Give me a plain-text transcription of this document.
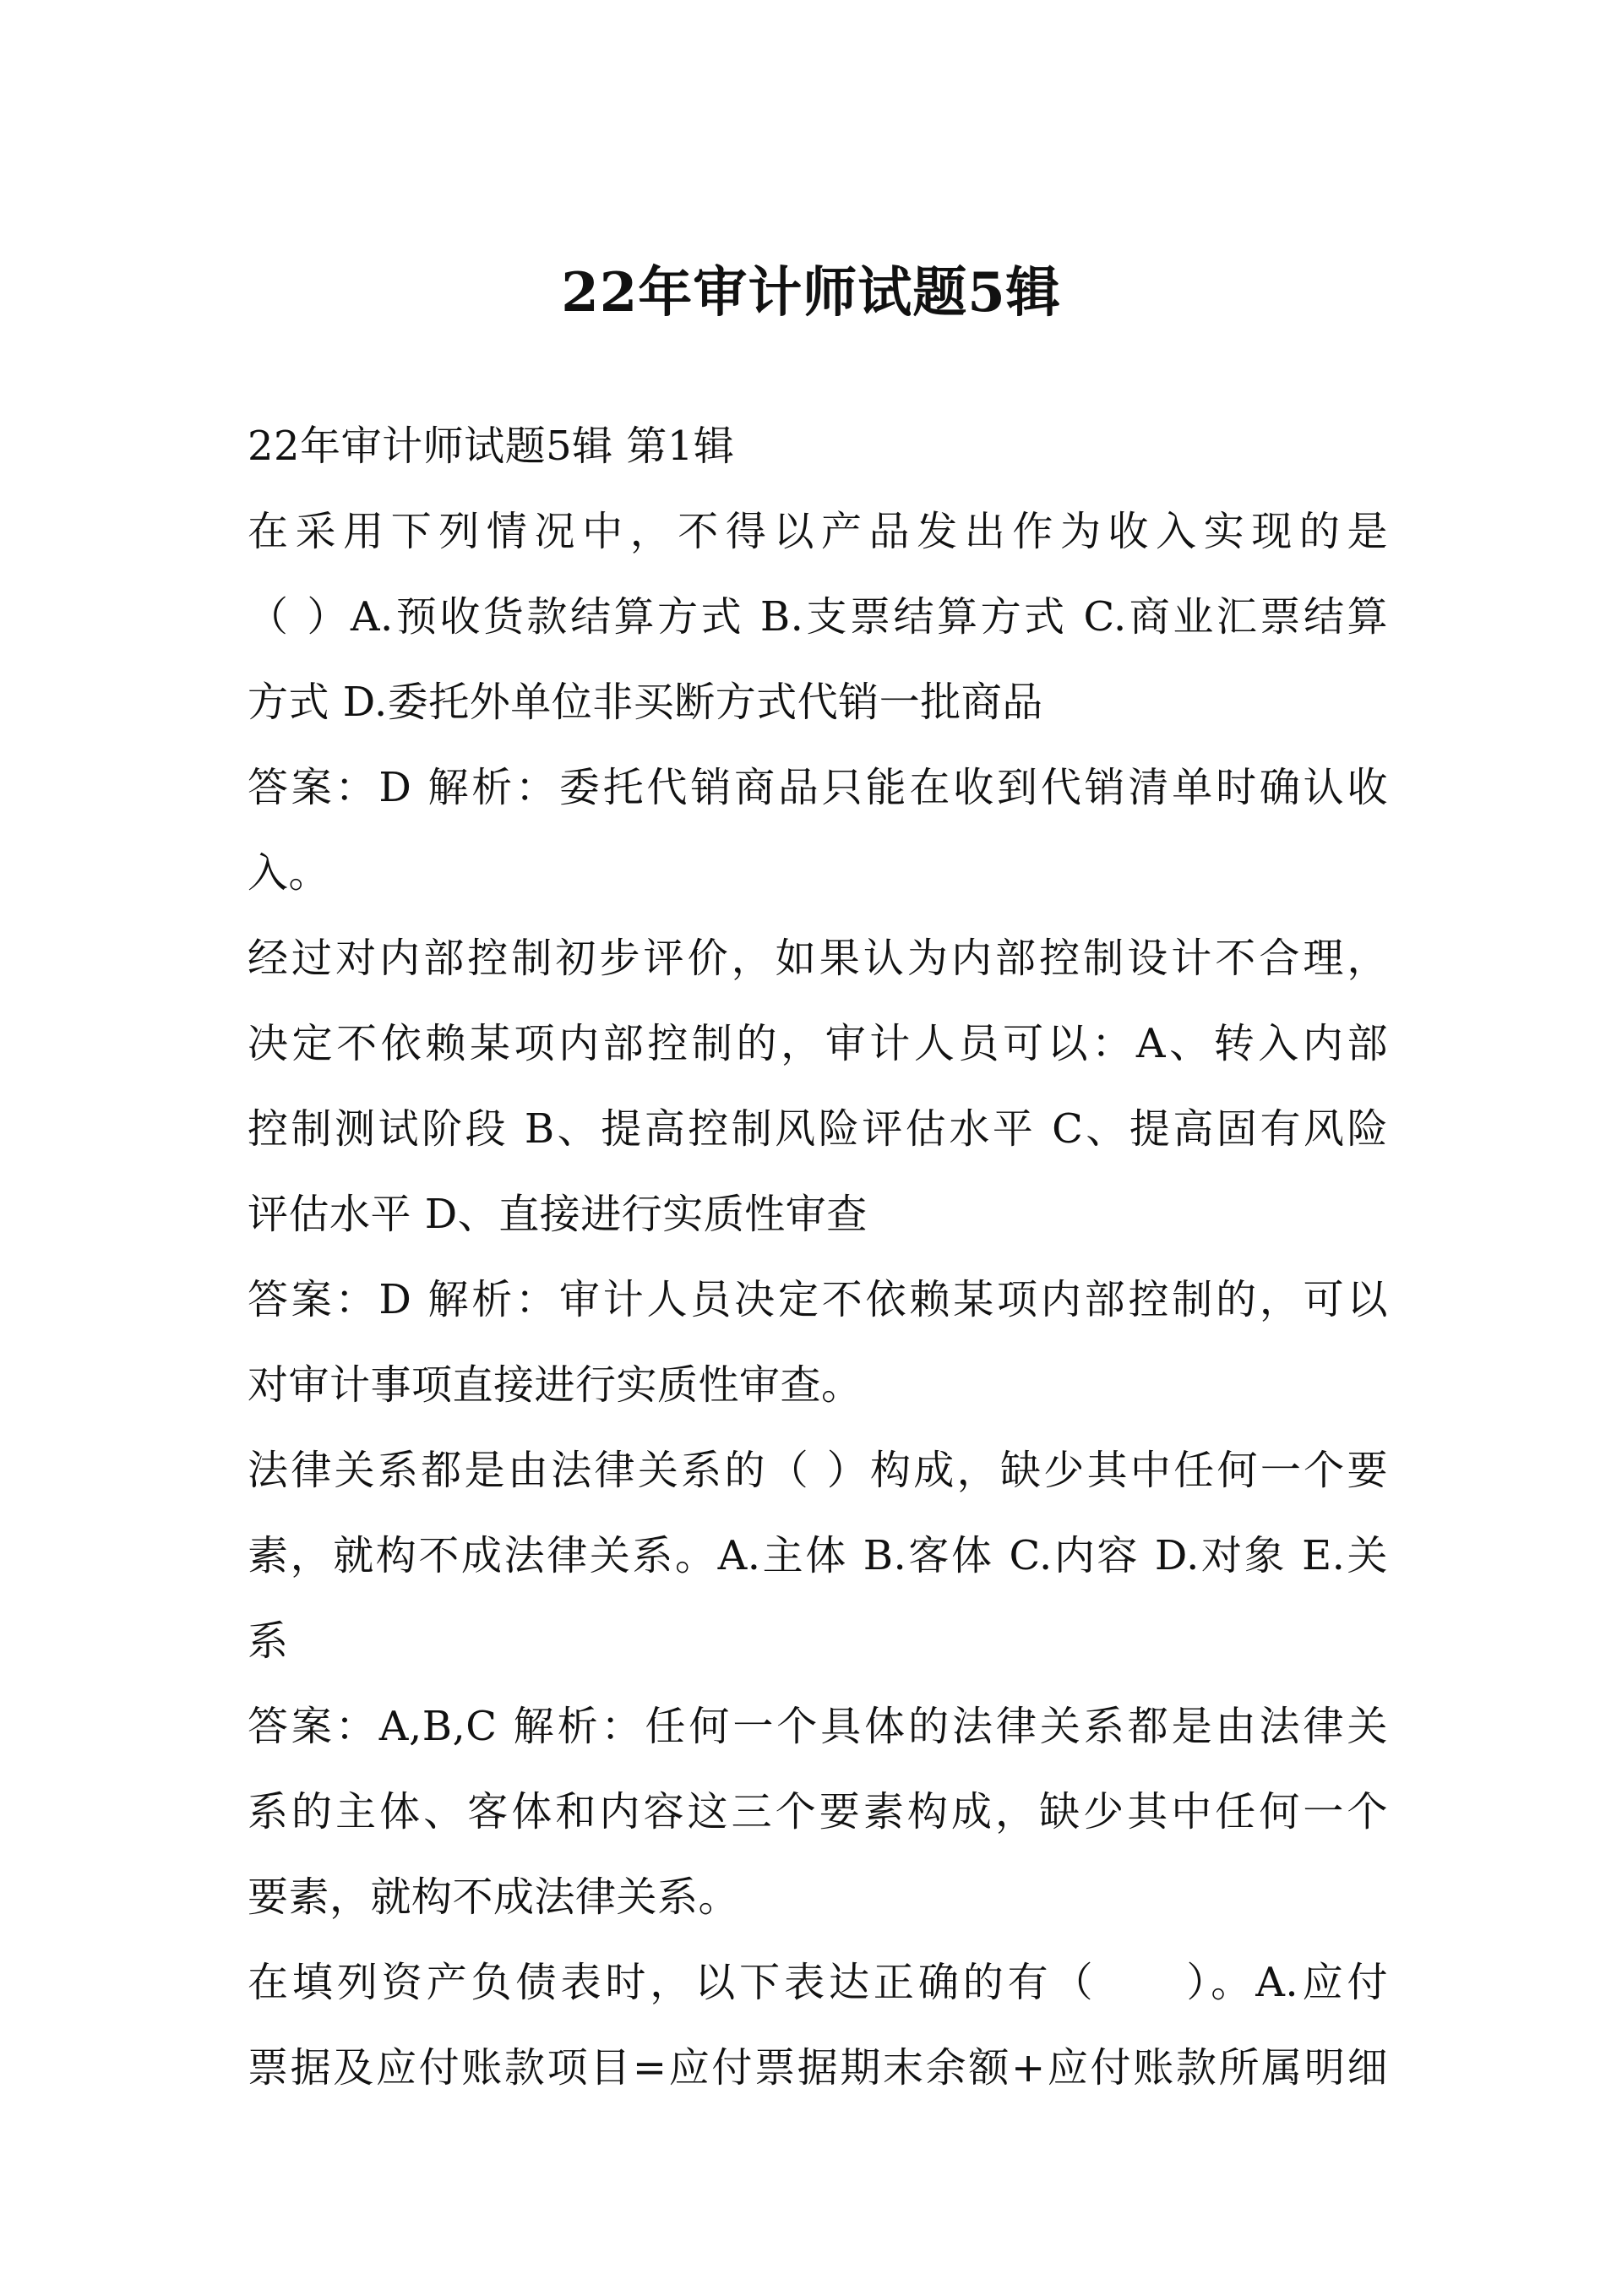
22年审计师试题5辑
22年审计师试题5辑 第1辑
在采用下列情况中，不得以产品发出作为收入实现的是
（ ）A.预收货款结算方式 B.支票结算方式 C.商业汇票结算
方式 D.委托外单位非买断方式代销一批商品
答案：D 解析：委托代销商品只能在收到代销清单时确认收
入。
经过对内部控制初步评价，如果认为内部控制设计不合理，
决定不依赖某项内部控制的，审计人员可以：A、转入内部
控制测试阶段 B、提高控制风险评估水平 C、提高固有风险
评估水平 D、直接进行实质性审查
答案：D 解析：审计人员决定不依赖某项内部控制的，可以
对审计事项直接进行实质性审查。
法律关系都是由法律关系的（ ）构成，缺少其中任何一个要
素，就构不成法律关系。A.主体 B.客体 C.内容 D.对象 E.关
系
答案：A,B,C 解析：任何一个具体的法律关系都是由法律关
系的主体、客体和内容这三个要素构成，缺少其中任何一个
要素，就构不成法律关系。
在填列资产负债表时，以下表达正确的有（　　）。A.应付
票据及应付账款项目=应付票据期末余额+应付账款所属明细
